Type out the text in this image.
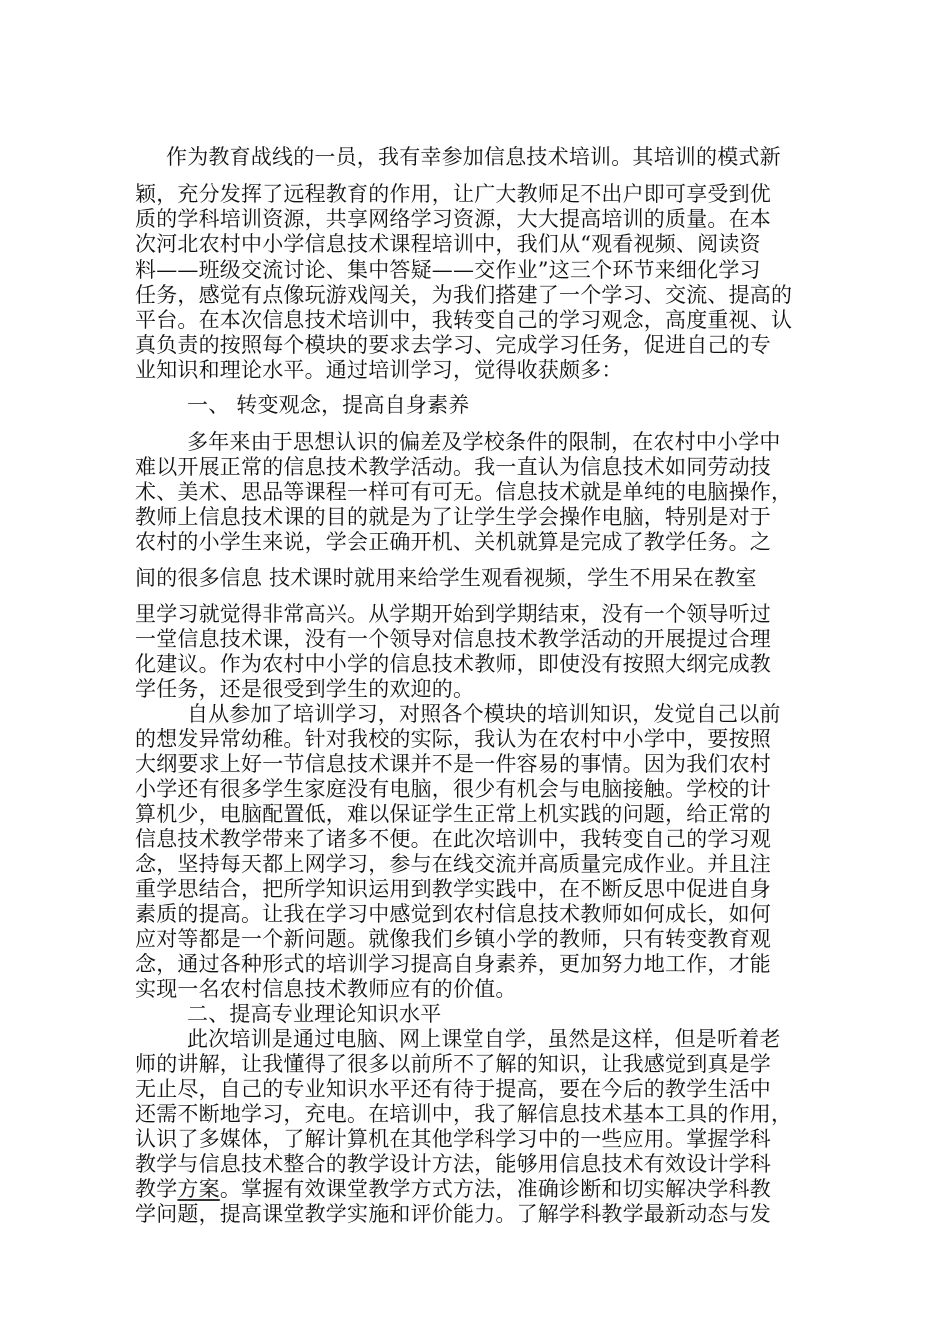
作为教育战线的一员，我有幸参加信息技术培训。其培训的模式新
颖，充分发挥了远程教育的作用，让广大教师足不出户即可享受到优
质的学科培训资源，共享网络学习资源，大大提高培训的质量。在本
次河北农村中小学信息技术课程培训中，我们从“观看视频、阅读资
料——班级交流讨论、集中答疑——交作业”这三个环节来细化学习
任务，感觉有点像玩游戏闯关，为我们搭建了一个学习、交流、提高的
平台。在本次信息技术培训中，我转变自己的学习观念，高度重视、认
真负责的按照每个模块的要求去学习、完成学习任务，促进自己的专
业知识和理论水平。通过培训学习，觉得收获颇多：
一、 转变观念，提高自身素养
多年来由于思想认识的偏差及学校条件的限制，在农村中小学中
难以开展正常的信息技术教学活动。我一直认为信息技术如同劳动技
术、美术、思品等课程一样可有可无。信息技术就是单纯的电脑操作，
教师上信息技术课的目的就是为了让学生学会操作电脑，特别是对于
农村的小学生来说，学会正确开机、关机就算是完成了教学任务。之
间的很多信息 技术课时就用来给学生观看视频，学生不用呆在教室
里学习就觉得非常高兴。从学期开始到学期结束，没有一个领导听过
一堂信息技术课，没有一个领导对信息技术教学活动的开展提过合理
化建议。作为农村中小学的信息技术教师，即使没有按照大纲完成教
学任务，还是很受到学生的欢迎的。
自从参加了培训学习，对照各个模块的培训知识，发觉自己以前
的想发异常幼稚。针对我校的实际，我认为在农村中小学中，要按照
大纲要求上好一节信息技术课并不是一件容易的事情。因为我们农村
小学还有很多学生家庭没有电脑，很少有机会与电脑接触。学校的计
算机少，电脑配置低，难以保证学生正常上机实践的问题，给正常的
信息技术教学带来了诸多不便。在此次培训中，我转变自己的学习观
念，坚持每天都上网学习，参与在线交流并高质量完成作业。并且注
重学思结合，把所学知识运用到教学实践中，在不断反思中促进自身
素质的提高。让我在学习中感觉到农村信息技术教师如何成长，如何
应对等都是一个新问题。就像我们乡镇小学的教师，只有转变教育观
念，通过各种形式的培训学习提高自身素养，更加努力地工作，才能
实现一名农村信息技术教师应有的价值。
二、提高专业理论知识水平
此次培训是通过电脑、网上课堂自学，虽然是这样，但是听着老
师的讲解，让我懂得了很多以前所不了解的知识，让我感觉到真是学
无止尽，自己的专业知识水平还有待于提高，要在今后的教学生活中
还需不断地学习，充电。在培训中，我了解信息技术基本工具的作用，
认识了多媒体，了解计算机在其他学科学习中的一些应用。掌握学科
教学与信息技术整合的教学设计方法，能够用信息技术有效设计学科
教学方案。掌握有效课堂教学方式方法，准确诊断和切实解决学科教
学问题，提高课堂教学实施和评价能力。了解学科教学最新动态与发
